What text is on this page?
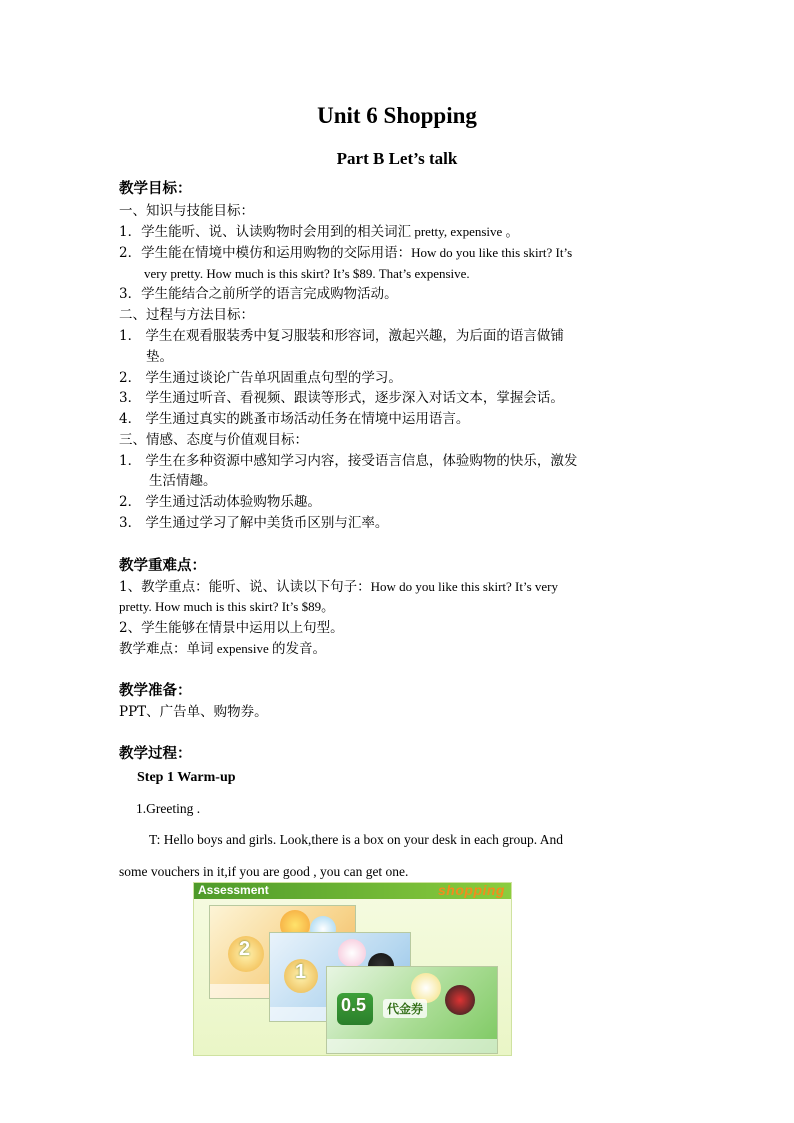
Unit 6 Shopping
Part B Let’s talk
教学目标：
一、知识与技能目标：
1．学生能听、说、认读购物时会用到的相关词汇 pretty, expensive 。
2．学生能在情境中模仿和运用购物的交际用语：How do you like this skirt? It’s
very pretty. How much is this skirt? It’s $89. That’s expensive.
3．学生能结合之前所学的语言完成购物活动。
二、过程与方法目标：
1． 学生在观看服装秀中复习服装和形容词，激起兴趣，为后面的语言做铺
垫。
2． 学生通过谈论广告单巩固重点句型的学习。
3． 学生通过听音、看视频、跟读等形式，逐步深入对话文本，掌握会话。
4． 学生通过真实的跳蚤市场活动任务在情境中运用语言。
三、情感、态度与价值观目标：
1． 学生在多种资源中感知学习内容，接受语言信息，体验购物的快乐，激发
生活情趣。
2． 学生通过活动体验购物乐趣。
3． 学生通过学习了解中美货币区别与汇率。
教学重难点：
1、教学重点：能听、说、认读以下句子：How do you like this skirt? It’s very
pretty. How much is this skirt? It’s $89。
2、学生能够在情景中运用以上句型。
教学难点：单词 expensive 的发音。
教学准备：
PPT、广告单、购物券。
教学过程：
Step 1 Warm-up
1.Greeting .
T: Hello boys and girls. Look,there is a box on your desk in each group. And
some vouchers in it,if you are good , you can get one.
Assessment	shopping
2
1
0.5	代金券
